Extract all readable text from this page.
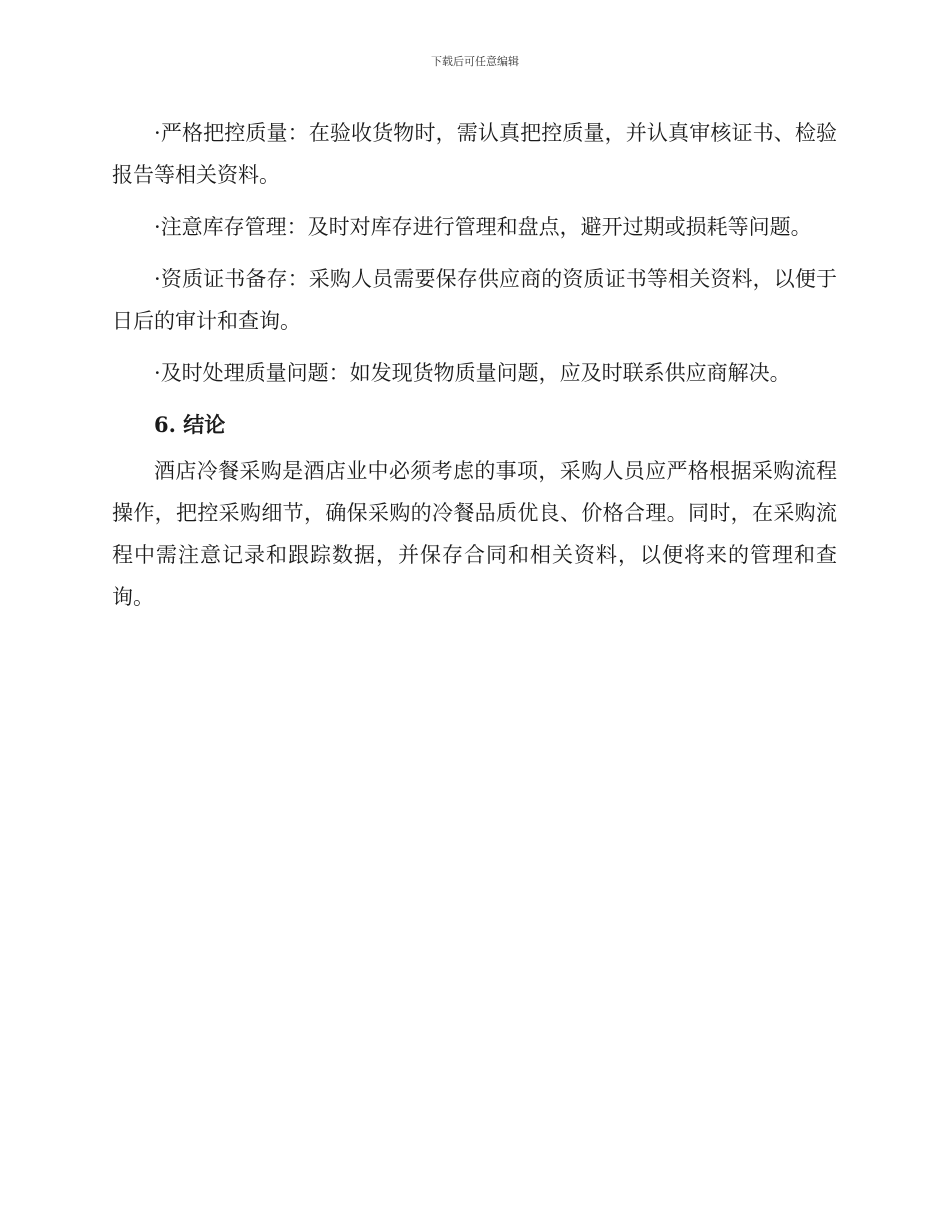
下载后可任意编辑

·严格把控质量：在验收货物时，需认真把控质量，并认真审核证书、检验报告等相关资料。

·注意库存管理：及时对库存进行管理和盘点，避开过期或损耗等问题。

·资质证书备存：采购人员需要保存供应商的资质证书等相关资料，以便于日后的审计和查询。

·及时处理质量问题：如发现货物质量问题，应及时联系供应商解决。

6. 结论

酒店冷餐采购是酒店业中必须考虑的事项，采购人员应严格根据采购流程操作，把控采购细节，确保采购的冷餐品质优良、价格合理。同时，在采购流程中需注意记录和跟踪数据，并保存合同和相关资料，以便将来的管理和查询。
